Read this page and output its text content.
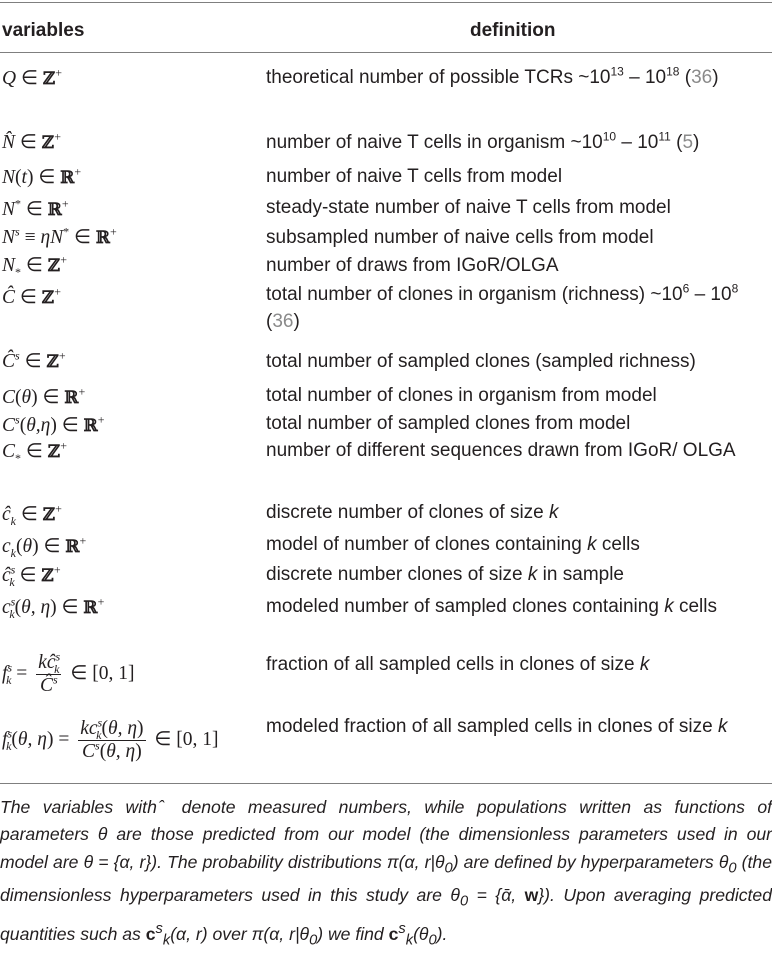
variables	definition
Q ∈ ℤ+
N̂ ∈ ℤ+
N(t) ∈ ℝ+
N* ∈ ℝ+
$N^s \equiv \eta N^*$ ∈ ℝ+
$N_*$ ∈ ℤ+
Ĉ ∈ ℤ+
$Ĉ^s$ ∈ ℤ+
C(θ) ∈ ℝ+
$C^s(\theta,\eta)$ ∈ ℝ+
$C_*$ ∈ ℤ+
$ĉ_k$ ∈ ℤ+
$c_k(\theta)$ ∈ ℝ+
$ĉ^s_k$ ∈ ℤ+
$c^s_k(\theta$, η) ∈ ℝ+
$f^s_k = \frac{kĉ^s_k}{Ĉ^s}$ ∈ [0, 1]
$f^s_k(\theta$, $\eta) = \frac{kc^s_k(\theta, \eta)}{C^s(\theta, \eta)}$ ∈ [0, 1]
theoretical number of possible TCRs $\sim 10^{13} - 10^{18}$ (36)
number of naive T cells in organism $\sim 10^{10} - 10^{11}$ (5)
number of naive T cells from model
steady-state number of naive T cells from model
subsampled number of naive cells from model
number of draws from IGoR/OLGA
total number of clones in organism (richness) $\sim 10^6 - 10^8$ (36)
total number of sampled clones (sampled richness)
total number of clones in organism from model
total number of sampled clones from model
number of different sequences drawn from IGoR/ OLGA
discrete number of clones of size k
model of number of clones containing k cells
discrete number clones of size k in sample
modeled number of sampled clones containing k cells
fraction of all sampled cells in clones of size k
modeled fraction of all sampled cells in clones of size k
The variables with ̂ denote measured numbers, while populations written as functions of parameters θ are those predicted from our model (the dimensionless parameters used in our model are θ = {α, r}). The probability distributions π(α, $r|\theta_0$) are defined by hyperparameters $\theta_0$ (the dimensionless hyperparameters used in this study are $\theta_0$ = {ᾱ, w}). Upon averaging predicted quantities such as $c^s_k(\alpha$, r) over π(α, $r|\theta_0$) we find $c^s_k(\theta_0)$.
